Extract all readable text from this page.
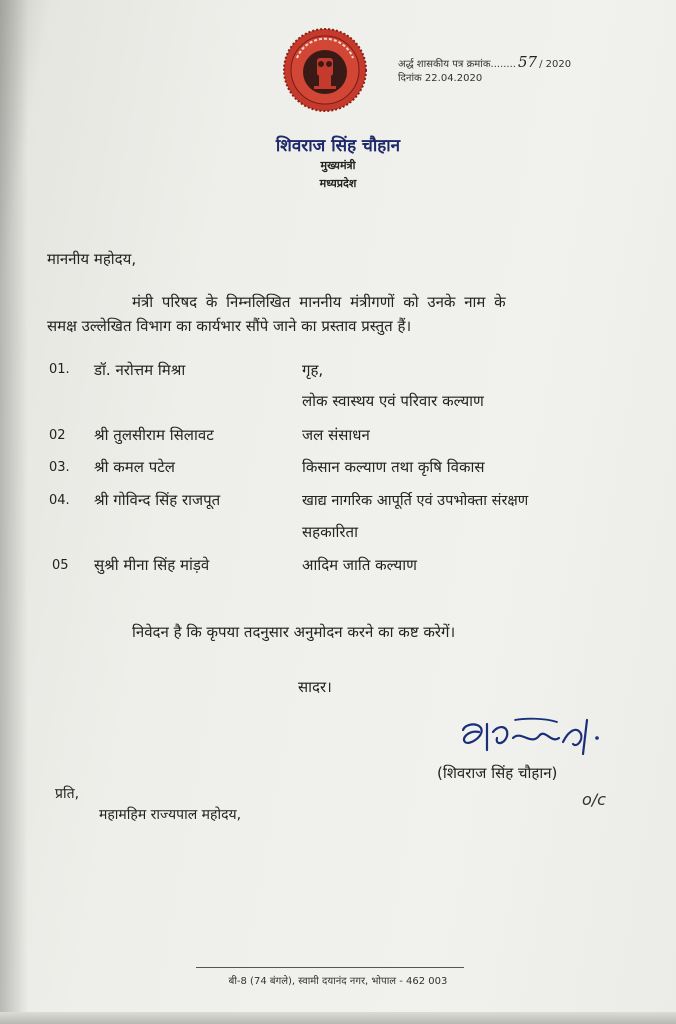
अर्द्ध शासकीय पत्र क्रमांक........ 57 / 2020
दिनांक 22.04.2020
शिवराज सिंह चौहान
मुख्यमंत्री
मध्यप्रदेश
माननीय महोदय,
मंत्री परिषद के निम्नलिखित माननीय मंत्रीगणों को उनके नाम के
समक्ष उल्लेखित विभाग का कार्यभार सौंपे जाने का प्रस्ताव प्रस्तुत हैं।
01. डॉ. नरोत्तम मिश्रा	गृह,
लोक स्वास्थय एवं परिवार कल्याण
02 श्री तुलसीराम सिलावट	जल संसाधन
03. श्री कमल पटेल	किसान कल्याण तथा कृषि विकास
04. श्री गोविन्द सिंह राजपूत	खाद्य नागरिक आपूर्ति एवं उपभोक्ता संरक्षण
सहकारिता
05 सुश्री मीना सिंह मांड़वे	आदिम जाति कल्याण
निवेदन है कि कृपया तदनुसार अनुमोदन करने का कष्ट करेगें।
सादर।
(शिवराज सिंह चौहान)
o/c
प्रति,
महामहिम राज्यपाल महोदय,
बी-8 (74 बंगले), स्वामी दयानंद नगर, भोपाल - 462 003
